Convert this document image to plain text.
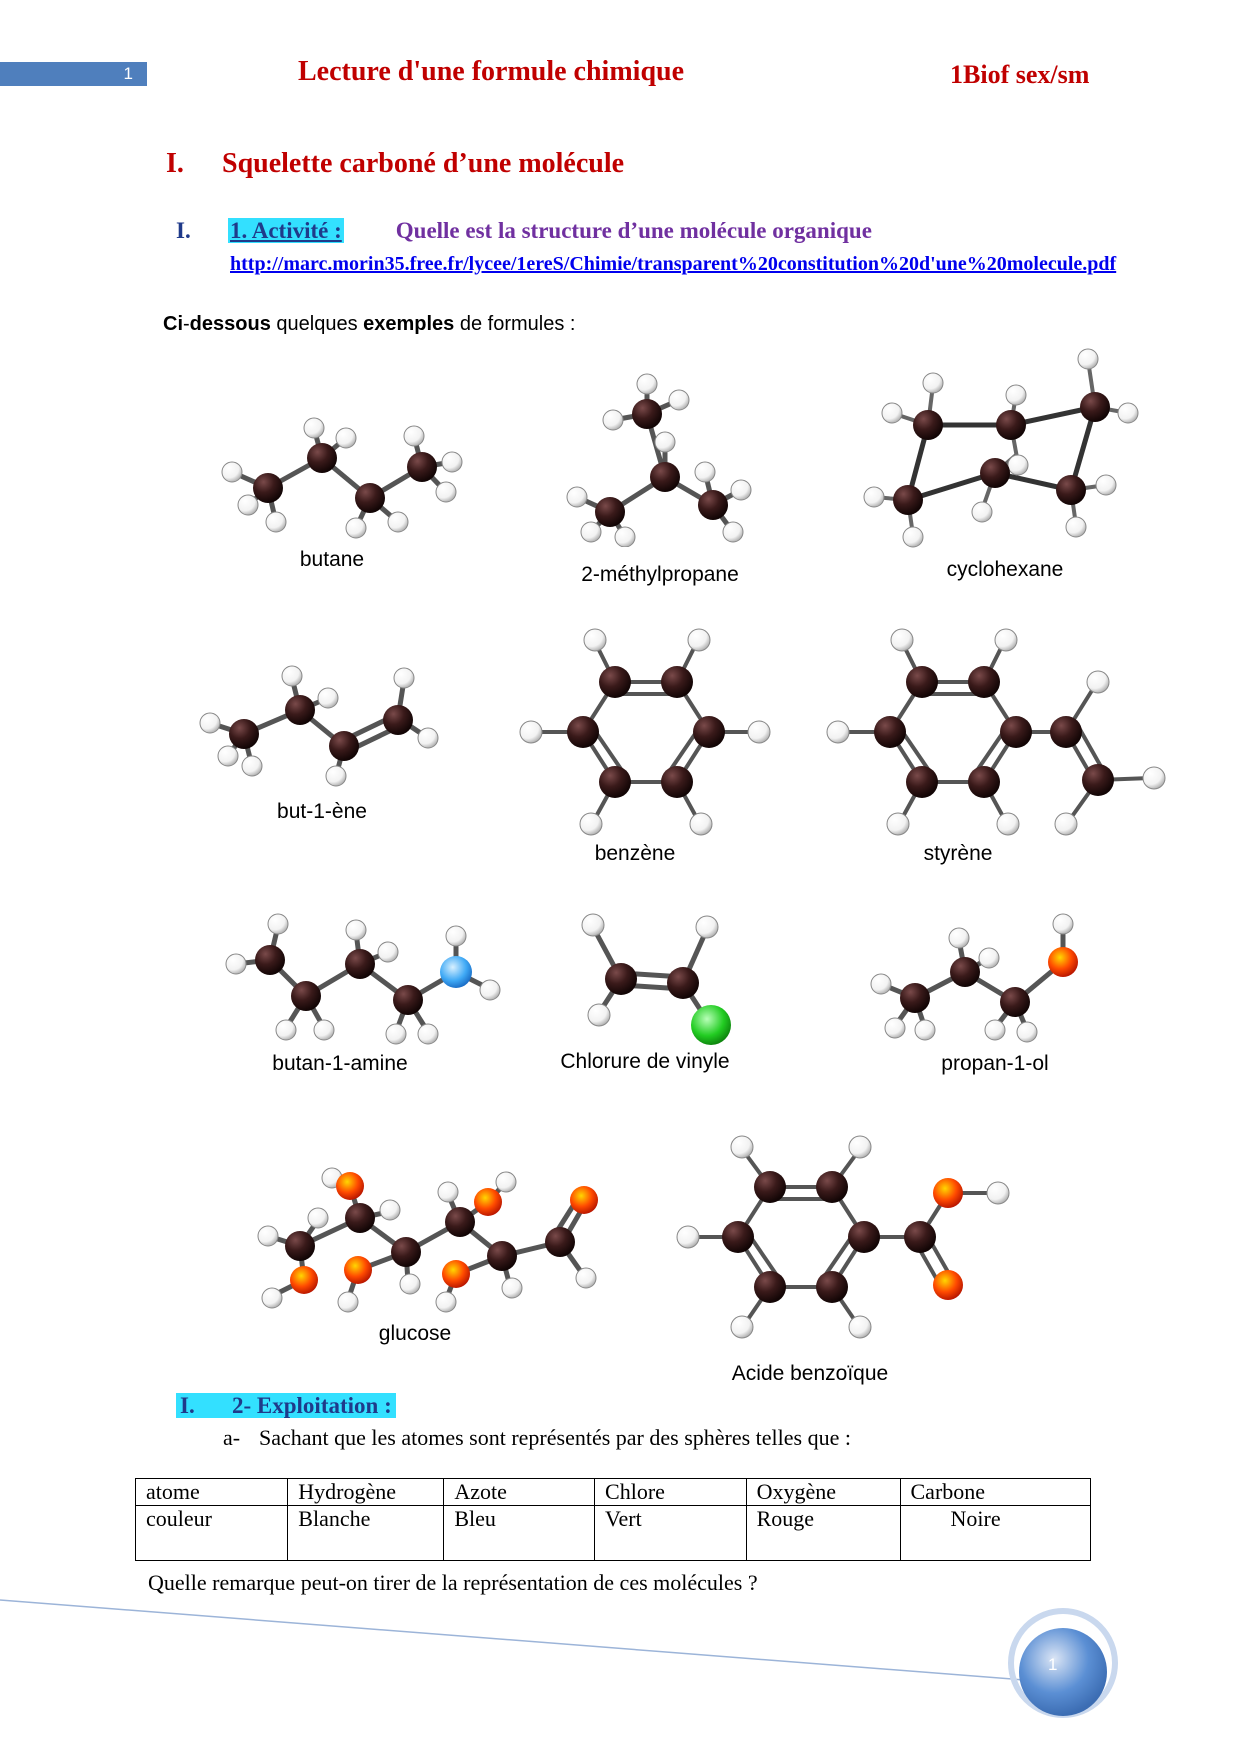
1	Lecture d'une formule chimique	1Biof sex/sm
I. Squelette carboné d’une molécule
I. 1. Activité : Quelle est la structure d’une molécule organique
http://marc.morin35.free.fr/lycee/1ereS/Chimie/transparent%20constitution%20d'une%20molecule.pdf
Ci-dessous quelques exemples de formules :
butane
2-méthylpropane	cyclohexane
but-1-ène
benzène	styrène
butan-1-amine	Chlorure de vinyle	propan-1-ol
glucose
Acide benzoïque
I. 2- Exploitation :
a- Sachant que les atomes sont représentés par des sphères telles que :
atome	Hydrogène	Azote	Chlore	Oxygène	Carbone
couleur	Blanche	Bleu	Vert	Rouge	Noire
Quelle remarque peut-on tirer de la représentation de ces molécules ?
1
